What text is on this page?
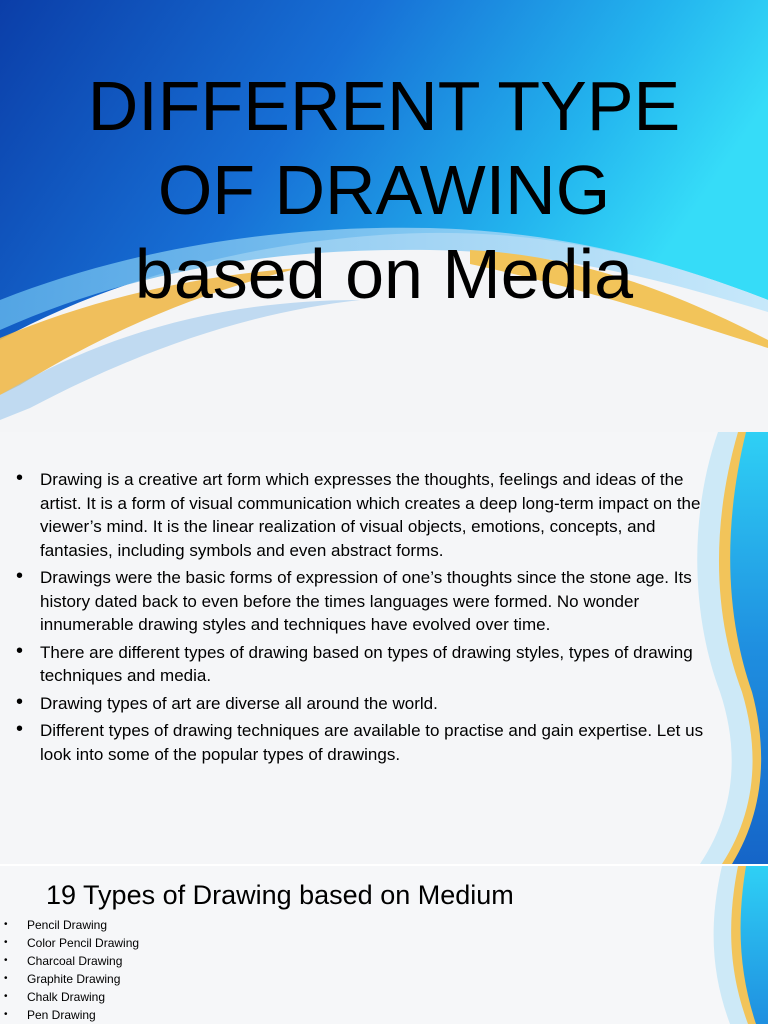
DIFFERENT TYPE
OF DRAWING
based on Media
• Drawing is a creative art form which expresses the thoughts, feelings and ideas of the artist. It is a form of visual communication which creates a deep long-term impact on the viewer’s mind. It is the linear realization of visual objects, emotions, concepts, and fantasies, including symbols and even abstract forms.
• Drawings were the basic forms of expression of one’s thoughts since the stone age. Its history dated back to even before the times languages were formed. No wonder innumerable drawing styles and techniques have evolved over time.
• There are different types of drawing based on types of drawing styles, types of drawing techniques and media.
• Drawing types of art are diverse all around the world.
• Different types of drawing techniques are available to practise and gain expertise. Let us look into some of the popular types of drawings.
19 Types of Drawing based on Medium
• Pencil Drawing
• Color Pencil Drawing
• Charcoal Drawing
• Graphite Drawing
• Chalk Drawing
• Pen Drawing
